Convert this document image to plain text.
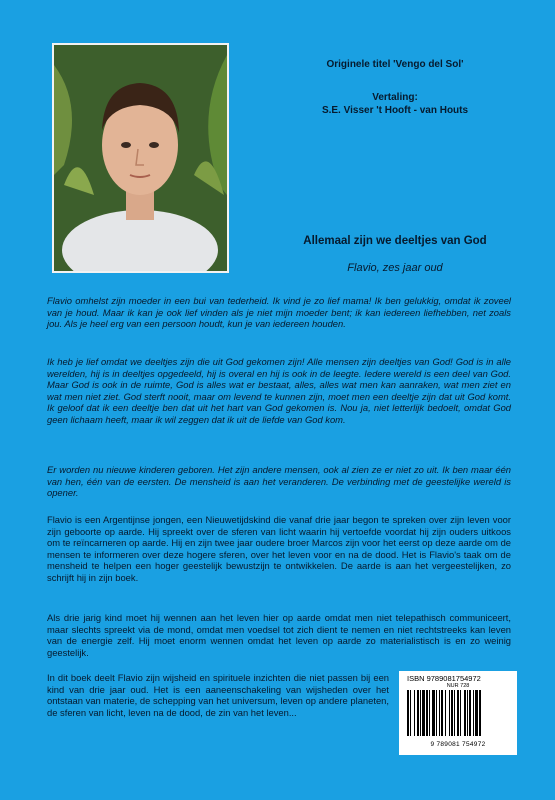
Originele titel 'Vengo del Sol'
Vertaling:
S.E. Visser 't Hooft - van Houts
Allemaal zijn we deeltjes van God
Flavio, zes jaar oud

Flavio omhelst zijn moeder in een bui van tederheid. Ik vind je zo lief mama! Ik ben gelukkig, omdat ik zoveel van je houd. Maar ik kan je ook lief vinden als je niet mijn moeder bent; ik kan iedereen liefhebben, net zoals jou. Als je heel erg van een persoon houdt, kun je van iedereen houden.

Ik heb je lief omdat we deeltjes zijn die uit God gekomen zijn! Alle mensen zijn deeltjes van God! God is in alle werelden, hij is in deeltjes opgedeeld, hij is overal en hij is ook in de leegte. Iedere wereld is een deel van God. Maar God is ook in de ruimte, God is alles wat er bestaat, alles, alles wat men kan aanraken, wat men ziet en wat men niet ziet. God sterft nooit, maar om levend te kunnen zijn, moet men een deeltje zijn dat uit God komt. Ik geloof dat ik een deeltje ben dat uit het hart van God gekomen is. Nou ja, niet letterlijk bedoelt, omdat God geen lichaam heeft, maar ik wil zeggen dat ik uit de liefde van God kom.

Er worden nu nieuwe kinderen geboren. Het zijn andere mensen, ook al zien ze er niet zo uit. Ik ben maar één van hen, één van de eersten. De mensheid is aan het veranderen. De verbinding met de geestelijke wereld is opener.

Flavio is een Argentijnse jongen, een Nieuwetijdskind die vanaf drie jaar begon te spreken over zijn leven voor zijn geboorte op aarde. Hij spreekt over de sferen van licht waarin hij vertoefde voordat hij zijn ouders uitkoos om te reïncarneren op aarde. Hij en zijn twee jaar oudere broer Marcos zijn voor het eerst op deze aarde om de mensen te informeren over deze hogere sferen, over het leven voor en na de dood. Het is Flavio's taak om de mensheid te helpen een hoger geestelijk bewustzijn te ontwikkelen. De aarde is aan het vergeestelijken, zo schrijft hij in zijn boek.

Als drie jarig kind moet hij wennen aan het leven hier op aarde omdat men niet telepathisch communiceert, maar slechts spreekt via de mond, omdat men voedsel tot zich dient te nemen en niet rechtstreeks kan leven van de energie zelf. Hij moet enorm wennen omdat het leven op aarde zo materialistisch is en zo weinig geestelijk.

In dit boek deelt Flavio zijn wijsheid en spirituele inzichten die niet passen bij een kind van drie jaar oud. Het is een aaneenschakeling van wijsheden over het ontstaan van materie, de schepping van het universum, leven op andere planeten, de sferen van licht, leven na de dood, de zin van het leven...

ISBN 9789081754972
NUR 728
9 789081 754972
